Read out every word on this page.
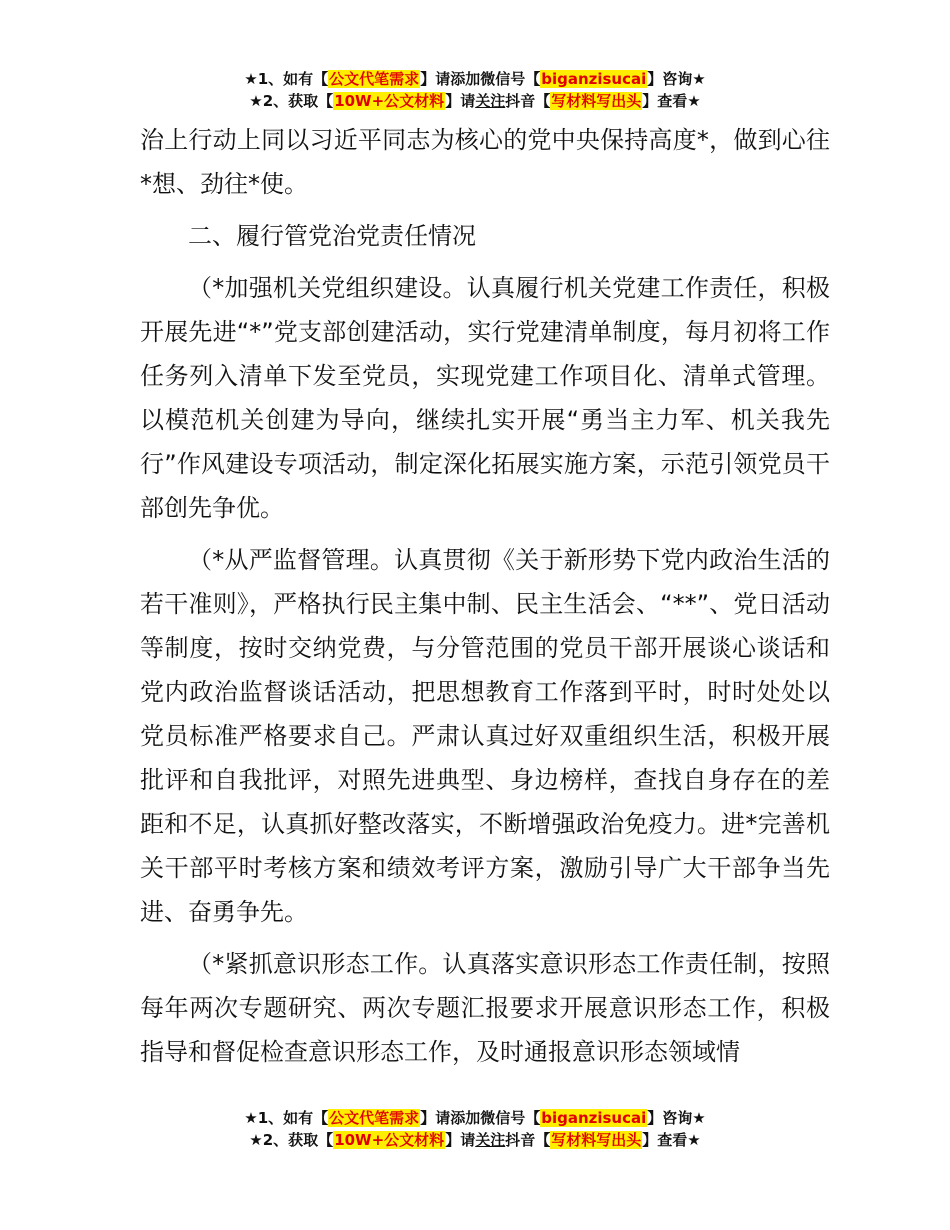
★1、如有【公文代笔需求】请添加微信号【biganzisucai】咨询★
★2、获取【10W+公文材料】请关注抖音【写材料写出头】查看★

治上行动上同以习近平同志为核心的党中央保持高度*，做到心往*想、劲往*使。

二、履行管党治党责任情况

（*加强机关党组织建设。认真履行机关党建工作责任，积极开展先进“*”党支部创建活动，实行党建清单制度，每月初将工作任务列入清单下发至党员，实现党建工作项目化、清单式管理。以模范机关创建为导向，继续扎实开展“勇当主力军、机关我先行”作风建设专项活动，制定深化拓展实施方案，示范引领党员干部创先争优。

（*从严监督管理。认真贯彻《关于新形势下党内政治生活的若干准则》，严格执行民主集中制、民主生活会、“**”、党日活动等制度，按时交纳党费，与分管范围的党员干部开展谈心谈话和党内政治监督谈话活动，把思想教育工作落到平时，时时处处以党员标准严格要求自己。严肃认真过好双重组织生活，积极开展批评和自我批评，对照先进典型、身边榜样，查找自身存在的差距和不足，认真抓好整改落实，不断增强政治免疫力。进*完善机关干部平时考核方案和绩效考评方案，激励引导广大干部争当先进、奋勇争先。

（*紧抓意识形态工作。认真落实意识形态工作责任制，按照每年两次专题研究、两次专题汇报要求开展意识形态工作，积极指导和督促检查意识形态工作，及时通报意识形态领域情

★1、如有【公文代笔需求】请添加微信号【biganzisucai】咨询★
★2、获取【10W+公文材料】请关注抖音【写材料写出头】查看★
